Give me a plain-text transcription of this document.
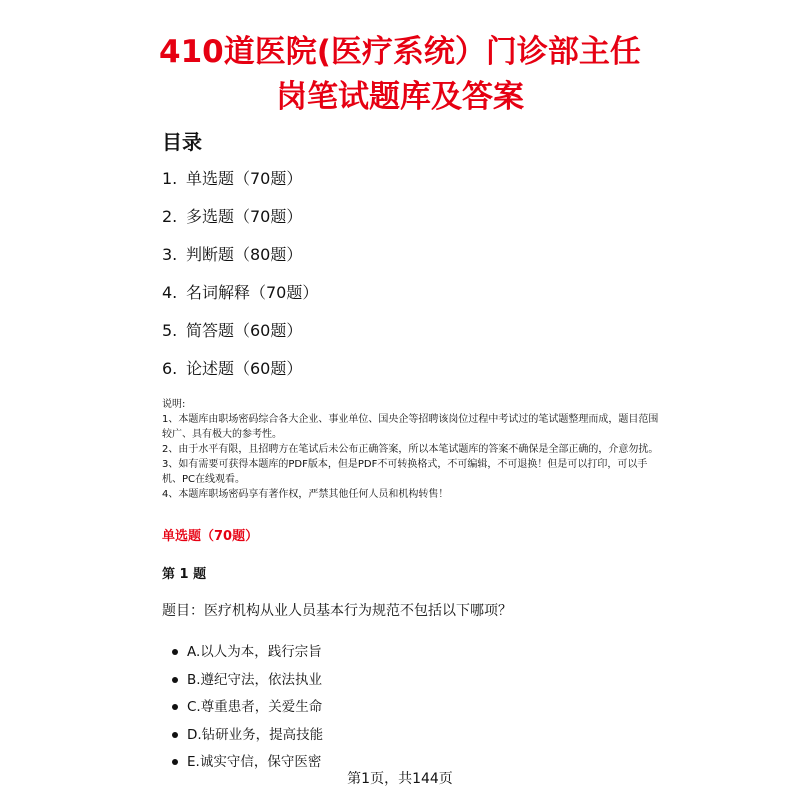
410道医院(医疗系统）门诊部主任
岗笔试题库及答案
目录
1. 单选题（70题）
2. 多选题（70题）
3. 判断题（80题）
4. 名词解释（70题）
5. 简答题（60题）
6. 论述题（60题）

说明:

1、本题库由职场密码综合各大企业、事业单位、国央企等招聘该岗位过程中考试过的笔试题整理而成，题目范围较广、具有极大的参考性。

2、由于水平有限，且招聘方在笔试后未公布正确答案，所以本笔试题库的答案不确保是全部正确的，介意勿扰。

3、如有需要可获得本题库的PDF版本，但是PDF不可转换格式，不可编辑，不可退换！但是可以打印，可以手机、PC在线观看。

4、本题库职场密码享有著作权，严禁其他任何人员和机构转售！

单选题（70题）
第 1 题
题目：医疗机构从业人员基本行为规范不包括以下哪项？
A.以人为本，践行宗旨
B.遵纪守法，依法执业
C.尊重患者，关爱生命
D.钻研业务，提高技能
E.诚实守信，保守医密
第1页，共144页
